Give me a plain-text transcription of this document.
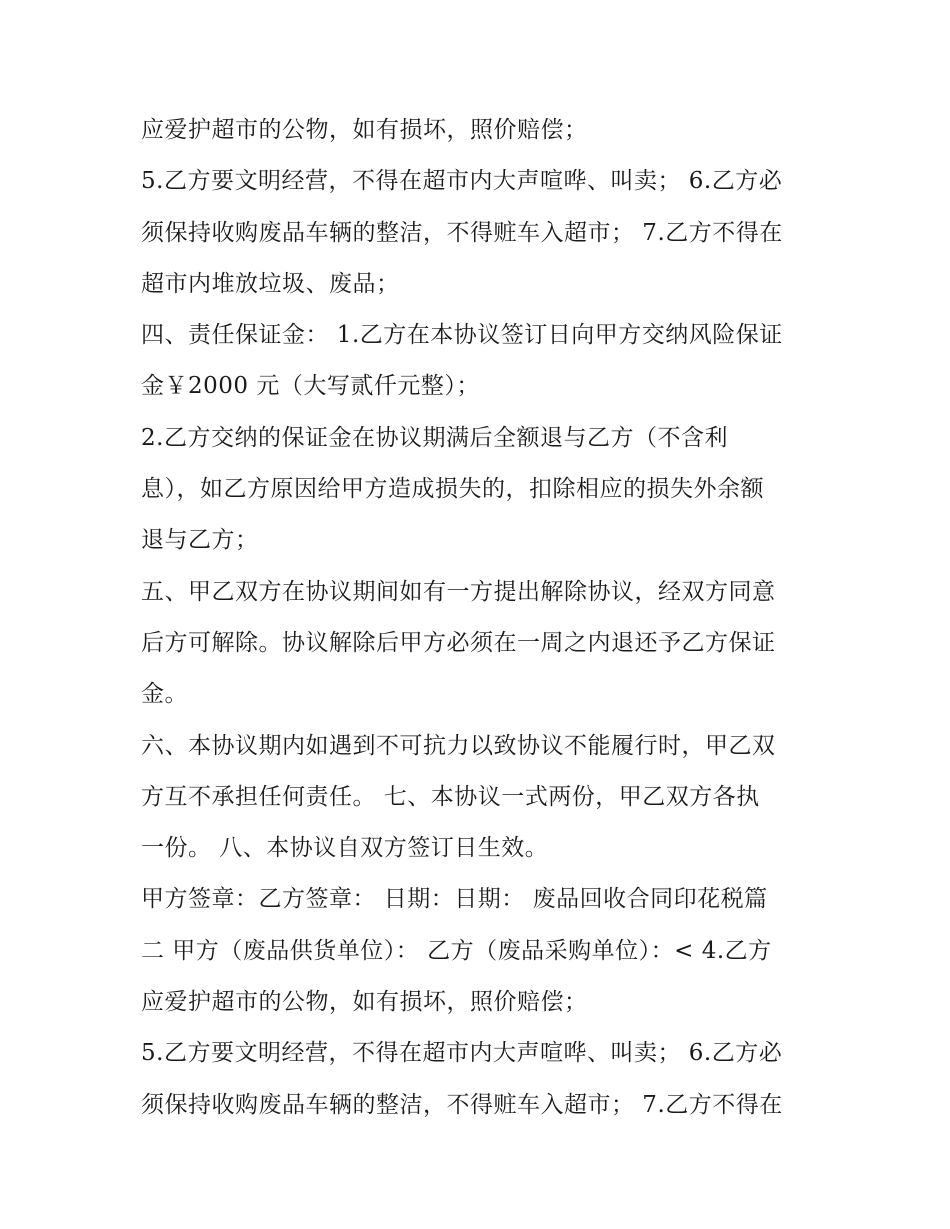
应爱护超市的公物，如有损坏，照价赔偿；
5.乙方要文明经营，不得在超市内大声喧哗、叫卖； 6.乙方必
须保持收购废品车辆的整洁，不得赃车入超市； 7.乙方不得在
超市内堆放垃圾、废品；
四、责任保证金： 1.乙方在本协议签订日向甲方交纳风险保证
金￥2000 元（大写贰仟元整）；
2.乙方交纳的保证金在协议期满后全额退与乙方（不含利
息），如乙方原因给甲方造成损失的，扣除相应的损失外余额
退与乙方；
五、甲乙双方在协议期间如有一方提出解除协议，经双方同意
后方可解除。协议解除后甲方必须在一周之内退还予乙方保证
金。
六、本协议期内如遇到不可抗力以致协议不能履行时，甲乙双
方互不承担任何责任。 七、本协议一式两份，甲乙双方各执
一份。 八、本协议自双方签订日生效。
甲方签章：乙方签章： 日期：日期： 废品回收合同印花税篇
二 甲方（废品供货单位）： 乙方（废品采购单位）：< 4.乙方
应爱护超市的公物，如有损坏，照价赔偿；
5.乙方要文明经营，不得在超市内大声喧哗、叫卖； 6.乙方必
须保持收购废品车辆的整洁，不得赃车入超市； 7.乙方不得在
